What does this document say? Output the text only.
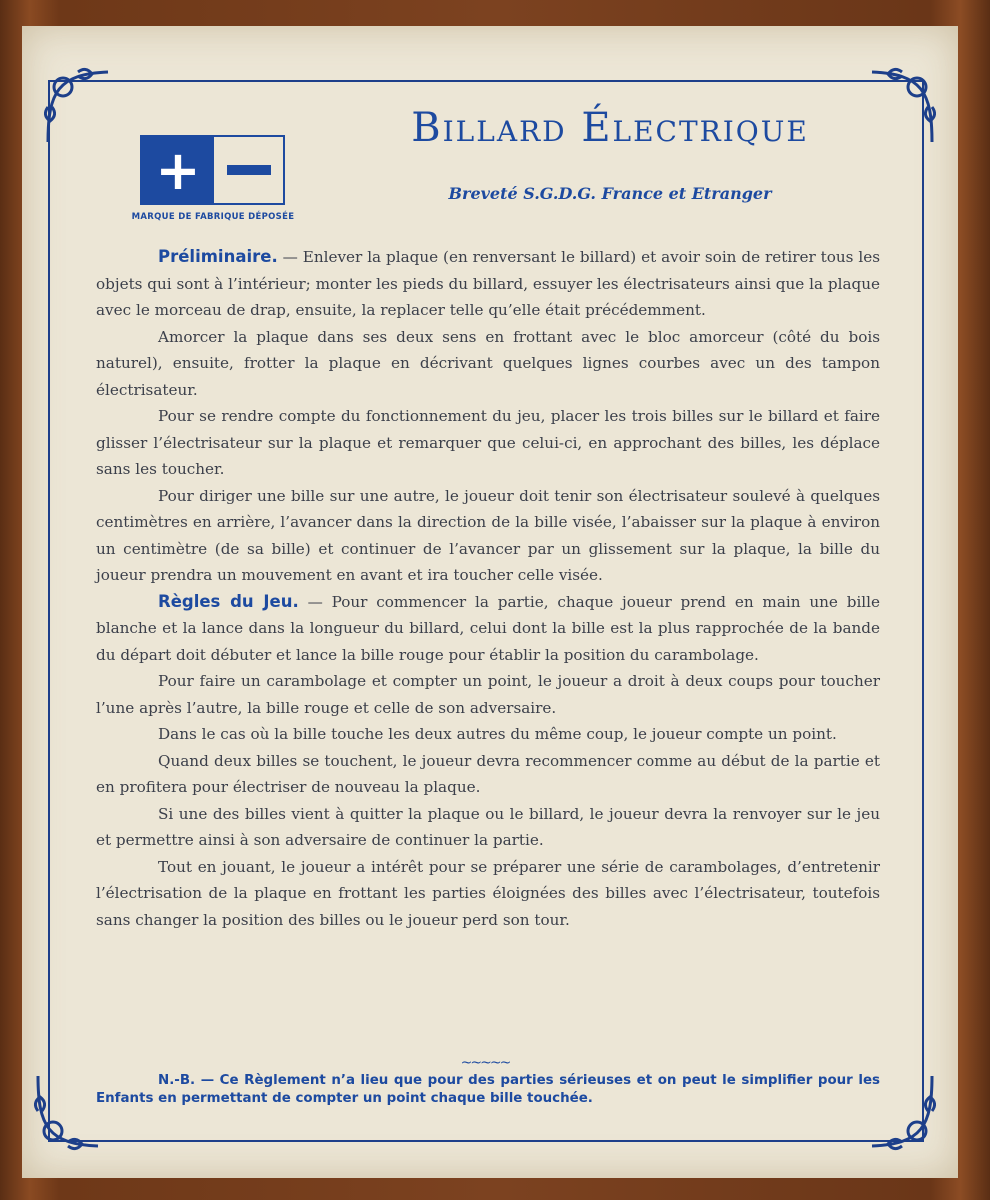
+
MARQUE DE FABRIQUE DÉPOSÉE
Billard Électrique
Breveté S.G.D.G. France et Etranger

Préliminaire. — Enlever la plaque (en renversant le billard) et avoir soin de retirer tous les objets qui sont à l’intérieur; monter les pieds du billard, essuyer les électrisateurs ainsi que la plaque avec le morceau de drap, ensuite, la replacer telle qu’elle était précédemment.

Amorcer la plaque dans ses deux sens en frottant avec le bloc amorceur (côté du bois naturel), ensuite, frotter la plaque en décrivant quelques lignes courbes avec un des tampon électrisateur.

Pour se rendre compte du fonctionnement du jeu, placer les trois billes sur le billard et faire glisser l’électrisateur sur la plaque et remarquer que celui-ci, en approchant des billes, les déplace sans les toucher.

Pour diriger une bille sur une autre, le joueur doit tenir son électrisateur soulevé à quelques centimètres en arrière, l’avancer dans la direction de la bille visée, l’abaisser sur la plaque à environ un centimètre (de sa bille) et continuer de l’avancer par un glissement sur la plaque, la bille du joueur prendra un mouvement en avant et ira toucher celle visée.

Règles du Jeu. — Pour commencer la partie, chaque joueur prend en main une bille blanche et la lance dans la longueur du billard, celui dont la bille est la plus rapprochée de la bande du départ doit débuter et lance la bille rouge pour établir la position du carambolage.

Pour faire un carambolage et compter un point, le joueur a droit à deux coups pour toucher l’une après l’autre, la bille rouge et celle de son adversaire.

Dans le cas où la bille touche les deux autres du même coup, le joueur compte un point.

Quand deux billes se touchent, le joueur devra recommencer comme au début de la partie et en profitera pour électriser de nouveau la plaque.

Si une des billes vient à quitter la plaque ou le billard, le joueur devra la renvoyer sur le jeu et permettre ainsi à son adversaire de continuer la partie.

Tout en jouant, le joueur a intérêt pour se préparer une série de carambolages, d’entretenir l’électrisation de la plaque en frottant les parties éloignées des billes avec l’électrisateur, toutefois sans changer la position des billes ou le joueur perd son tour.

~~~~~
N.-B. — Ce Règlement n’a lieu que pour des parties sérieuses et on peut le simplifier pour les Enfants en permettant de compter un point chaque bille touchée.
